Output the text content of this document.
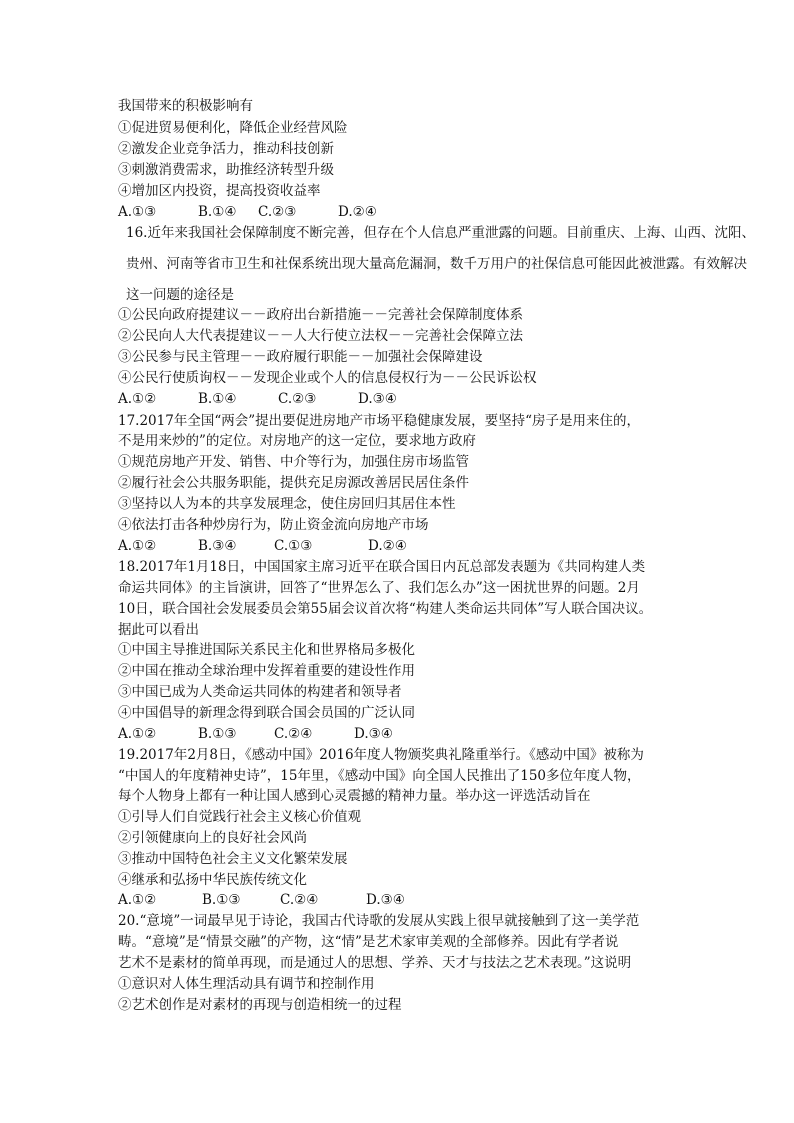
我国带来的积极影响有
①促进贸易便利化，降低企业经营风险
②激发企业竞争活力，推动科技创新
③刺激消费需求，助推经济转型升级
④增加区内投资，提高投资收益率
A.①③	B.①④ C.②③	D.②④
16.近年来我国社会保障制度不断完善，但存在个人信息严重泄露的问题。目前重庆、上海、山西、沈阳、
贵州、河南等省市卫生和社保系统出现大量高危漏洞，数千万用户的社保信息可能因此被泄露。有效解决
这一问题的途径是
①公民向政府提建议－－政府出台新措施－－完善社会保障制度体系
②公民向人大代表提建议－－人大行使立法权－－完善社会保障立法
③公民参与民主管理－－政府履行职能－－加强社会保障建设
④公民行使质询权－－发现企业或个人的信息侵权行为－－公民诉讼权
A.①②	B.①④	C.②③	D.③④
17.2017年全国“两会”提出要促进房地产市场平稳健康发展，要坚持“房子是用来住的，
不是用来炒的”的定位。对房地产的这一定位，要求地方政府
①规范房地产开发、销售、中介等行为，加强住房市场监管
②履行社会公共服务职能，提供充足房源改善居民居住条件
③坚持以人为本的共享发展理念，使住房回归其居住本性
④依法打击各种炒房行为，防止资金流向房地产市场
A.①②	B.③④	C.①③	D.②④
18.2017年1月18日，中国国家主席习近平在联合国日内瓦总部发表题为《共同构建人类
命运共同体》的主旨演讲，回答了“世界怎么了、我们怎么办”这一困扰世界的问题。2月
10日，联合国社会发展委员会第55届会议首次将“构建人类命运共同体”写人联合国决议。
据此可以看出
①中国主导推进国际关系民主化和世界格局多极化
②中国在推动全球治理中发挥着重要的建设性作用
③中国已成为人类命运共同体的构建者和领导者
④中国倡导的新理念得到联合国会员国的广泛认同
A.①②	B.①③	C.②④	D.③④
19.2017年2月8日，《感动中国》2016年度人物颁奖典礼隆重举行。《感动中国》被称为
“中国人的年度精神史诗”，15年里，《感动中国》向全国人民推出了150多位年度人物，
每个人物身上都有一种让国人感到心灵震撼的精神力量。举办这一评选活动旨在
①引导人们自觉践行社会主义核心价值观
②引领健康向上的良好社会风尚
③推动中国特色社会主义文化繁荣发展
④继承和弘扬中华民族传统文化
A.①②	B.①③	C.②④	D.③④
20.“意境”一词最早见于诗论，我国古代诗歌的发展从实践上很早就接触到了这一美学范
畴。“意境”是“情景交融”的产物，这“情”是艺术家审美观的全部修养。因此有学者说
艺术不是素材的简单再现，而是通过人的思想、学养、天才与技法之艺术表现。”这说明
①意识对人体生理活动具有调节和控制作用
②艺术创作是对素材的再现与创造相统一的过程
